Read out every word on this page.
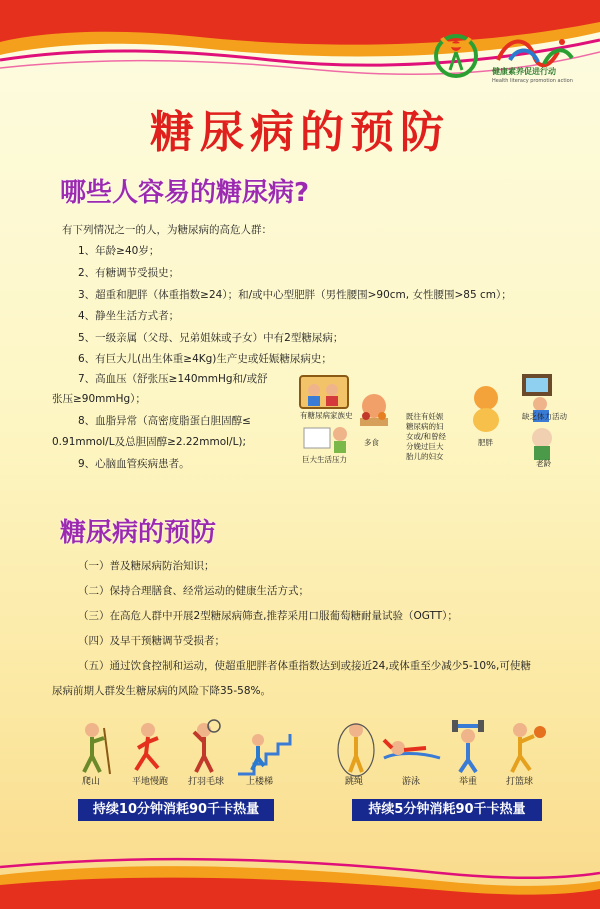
健康素养促进行动
Health literacy promotion action
糖尿病的预防
哪些人容易的糖尿病?
有下列情况之一的人，为糖尿病的高危人群：
1、年龄≥40岁；
2、有糖调节受损史；
3、超重和肥胖（体重指数≥24）；和/或中心型肥胖（男性腰围>90cm, 女性腰围>85 cm）；
4、静坐生活方式者；
5、一级亲属（父母、兄弟姐妹或子女）中有2型糖尿病；
6、有巨大儿(出生体重≥4Kg)生产史或妊娠糖尿病史；
7、高血压（舒张压≥140mmHg和/或舒
张压≥90mmHg）；
8、血脂异常（高密度脂蛋白胆固醇≤
0.91mmol/L及总胆固醇≥2.22mmol/L);
9、心脑血管疾病患者。
有糖尿病家族史
巨大生活压力
多食
既往有妊娠
糖尿病的妇
女或/和曾经
分娩过巨大
胎儿的妇女
肥胖
缺乏体力活动
老龄
糖尿病的预防
（一）普及糖尿病防治知识；
（二）保持合理膳食、经常运动的健康生活方式；
（三）在高危人群中开展2型糖尿病筛查,推荐采用口服葡萄糖耐量试验（OGTT）；
（四）及早干预糖调节受损者；
（五）通过饮食控制和运动，使超重肥胖者体重指数达到或接近24,或体重至少减少5-10%,可使糖
尿病前期人群发生糖尿病的风险下降35-58%。
爬山	平地慢跑 打羽毛球 上楼梯	跳绳	游泳	举重	打篮球
持续10分钟消耗90千卡热量	持续5分钟消耗90千卡热量
